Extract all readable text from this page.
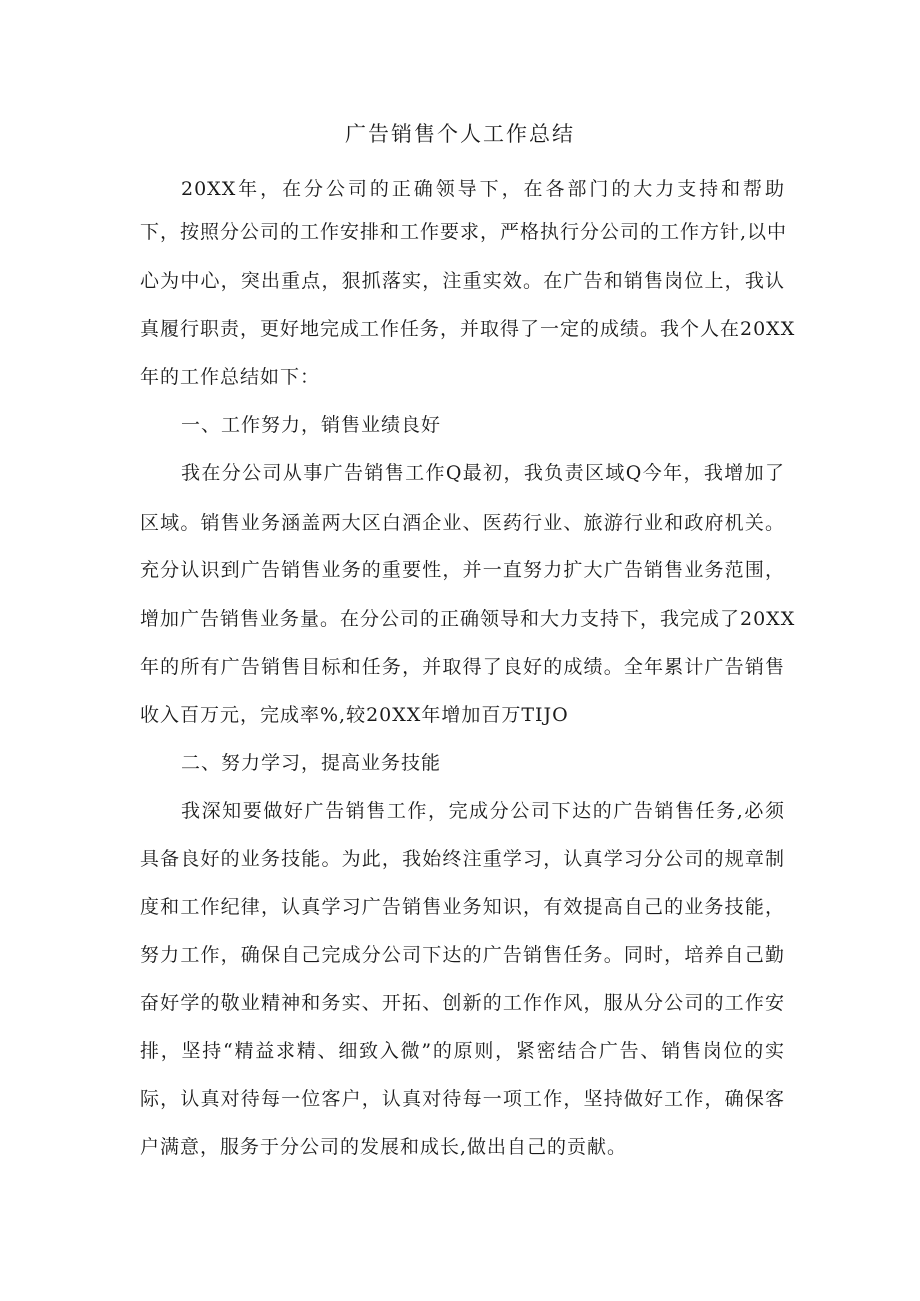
广告销售个人工作总结
20XX年，在分公司的正确领导下，在各部门的大力支持和帮助
下，按照分公司的工作安排和工作要求，严格执行分公司的工作方针,以中
心为中心，突出重点，狠抓落实，注重实效。在广告和销售岗位上，我认
真履行职责，更好地完成工作任务，并取得了一定的成绩。我个人在20XX
年的工作总结如下：
一、工作努力，销售业绩良好
我在分公司从事广告销售工作Q最初，我负责区域Q今年，我增加了
区域。销售业务涵盖两大区白酒企业、医药行业、旅游行业和政府机关。
充分认识到广告销售业务的重要性，并一直努力扩大广告销售业务范围，
增加广告销售业务量。在分公司的正确领导和大力支持下，我完成了20XX
年的所有广告销售目标和任务，并取得了良好的成绩。全年累计广告销售
收入百万元，完成率%,较20XX年增加百万TIJO
二、努力学习，提高业务技能
我深知要做好广告销售工作，完成分公司下达的广告销售任务,必须
具备良好的业务技能。为此，我始终注重学习，认真学习分公司的规章制
度和工作纪律，认真学习广告销售业务知识，有效提高自己的业务技能，
努力工作，确保自己完成分公司下达的广告销售任务。同时，培养自己勤
奋好学的敬业精神和务实、开拓、创新的工作作风，服从分公司的工作安
排，坚持“精益求精、细致入微”的原则，紧密结合广告、销售岗位的实
际，认真对待每一位客户，认真对待每一项工作，坚持做好工作，确保客
户满意，服务于分公司的发展和成长,做出自己的贡献。
